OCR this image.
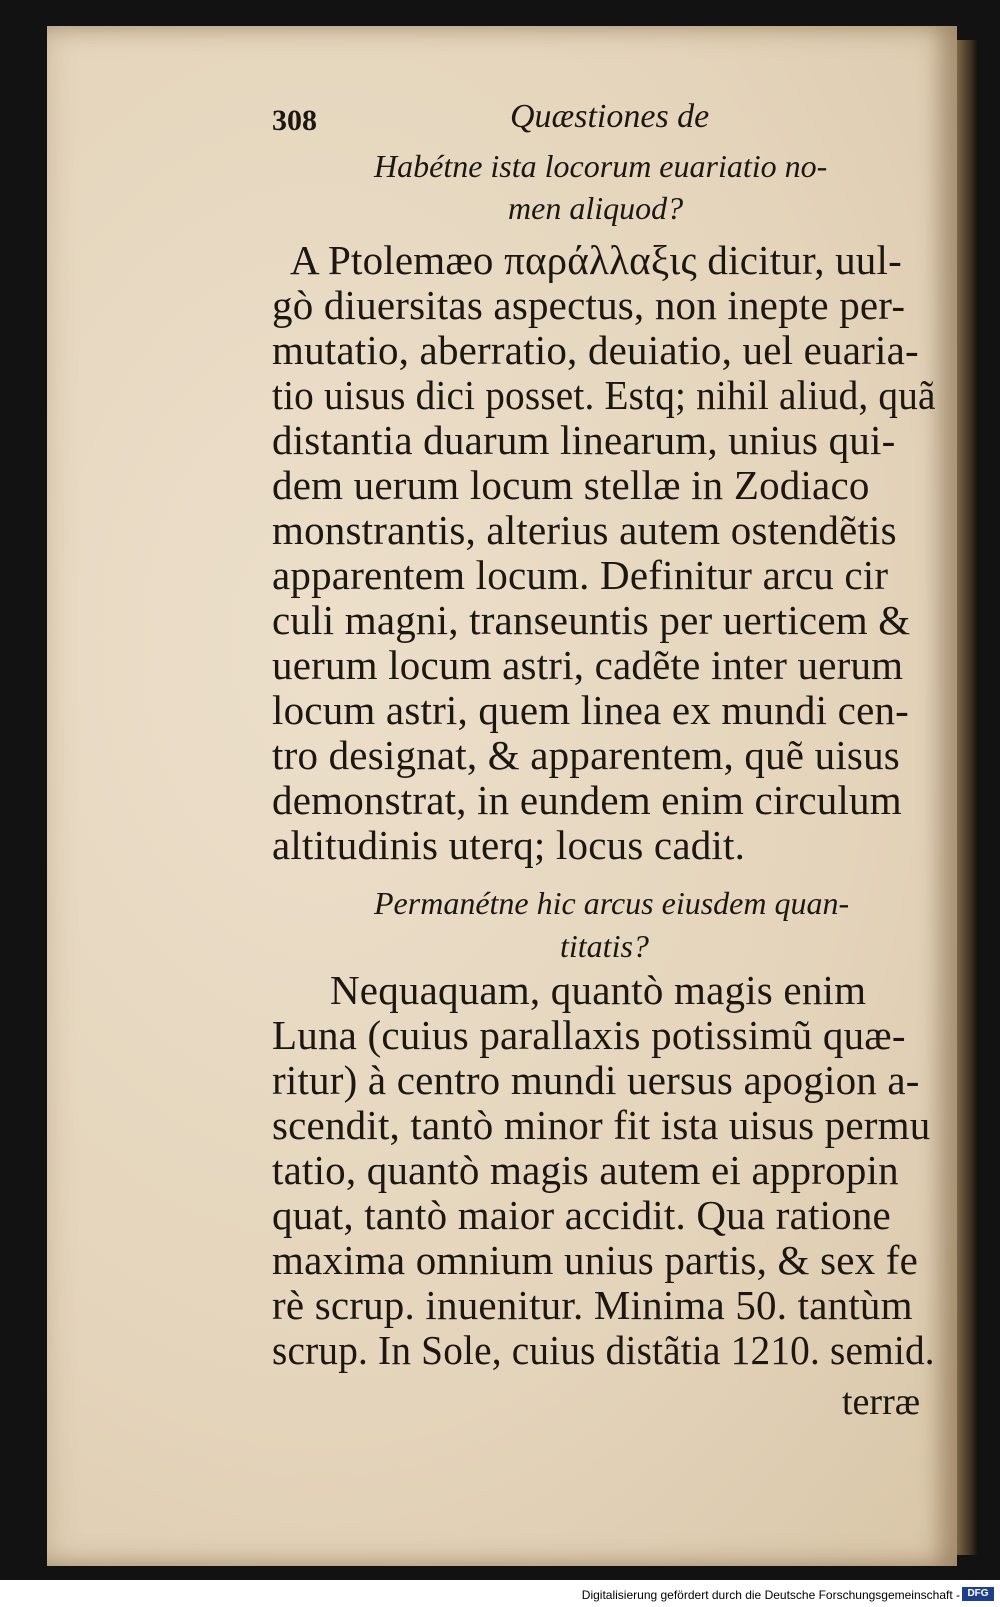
308	Quæstiones de
Habétne ista locorum euariatio no-
men aliquod?
A Ptolemæo παράλλαξις dicitur, uul-
gò diuersitas aspectus, non inepte per-
mutatio, aberratio, deuiatio, uel euaria-
tio uisus dici posset. Estq; nihil aliud, quã
distantia duarum linearum, unius qui-
dem uerum locum stellæ in Zodiaco
monstrantis, alterius autem ostendẽtis
apparentem locum. Definitur arcu cir
culi magni, transeuntis per uerticem &
uerum locum astri, cadẽte inter uerum
locum astri, quem linea ex mundi cen-
tro designat, & apparentem, quẽ uisus
demonstrat, in eundem enim circulum
altitudinis uterq; locus cadit.
Permanétne hic arcus eiusdem quan-
titatis?
Nequaquam, quantò magis enim
Luna (cuius parallaxis potissimũ quæ-
ritur) à centro mundi uersus apogion a-
scendit, tantò minor fit ista uisus permu
tatio, quantò magis autem ei appropin
quat, tantò maior accidit. Qua ratione
maxima omnium unius partis, & sex fe
rè scrup. inuenitur. Minima 50. tantùm
scrup. In Sole, cuius distãtia 1210. semid.
terræ
Digitalisierung gefördert durch die Deutsche Forschungsgemeinschaft - DFG
